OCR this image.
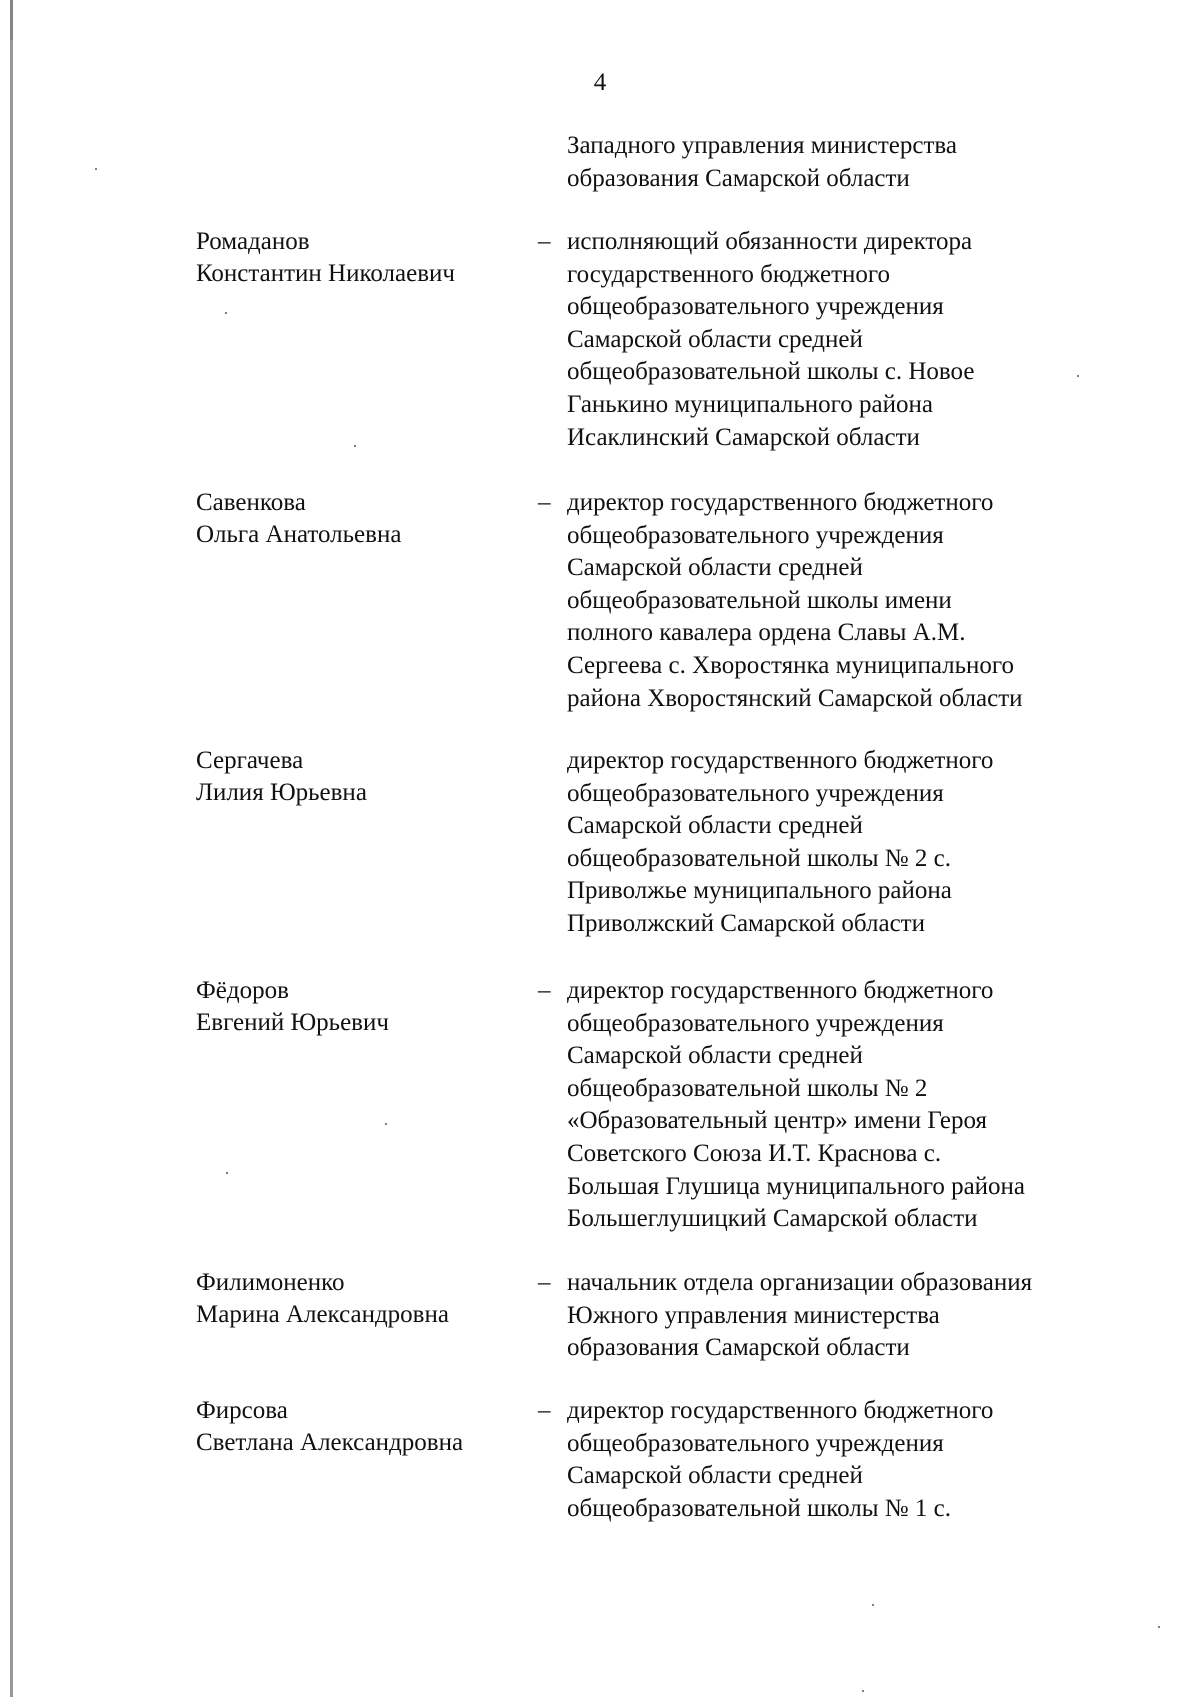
4
Западного управления министерства
образования Самарской области
Ромаданов
Константин Николаевич
– исполняющий обязанности директора
государственного бюджетного
общеобразовательного учреждения
Самарской области средней
общеобразовательной школы с. Новое
Ганькино муниципального района
Исаклинский Самарской области
Савенкова
Ольга Анатольевна
– директор государственного бюджетного
общеобразовательного учреждения
Самарской области средней
общеобразовательной школы имени
полного кавалера ордена Славы А.М.
Сергеева с. Хворостянка муниципального
района Хворостянский Самарской области
Сергачева
Лилия Юрьевна
директор государственного бюджетного
общеобразовательного учреждения
Самарской области средней
общеобразовательной школы № 2 с.
Приволжье муниципального района
Приволжский Самарской области
Фёдоров
Евгений Юрьевич
– директор государственного бюджетного
общеобразовательного учреждения
Самарской области средней
общеобразовательной школы № 2
«Образовательный центр» имени Героя
Советского Союза И.Т. Краснова с.
Большая Глушица муниципального района
Большеглушицкий Самарской области
Филимоненко
Марина Александровна
– начальник отдела организации образования
Южного управления министерства
образования Самарской области
Фирсова
Светлана Александровна
– директор государственного бюджетного
общеобразовательного учреждения
Самарской области средней
общеобразовательной школы № 1 с.
